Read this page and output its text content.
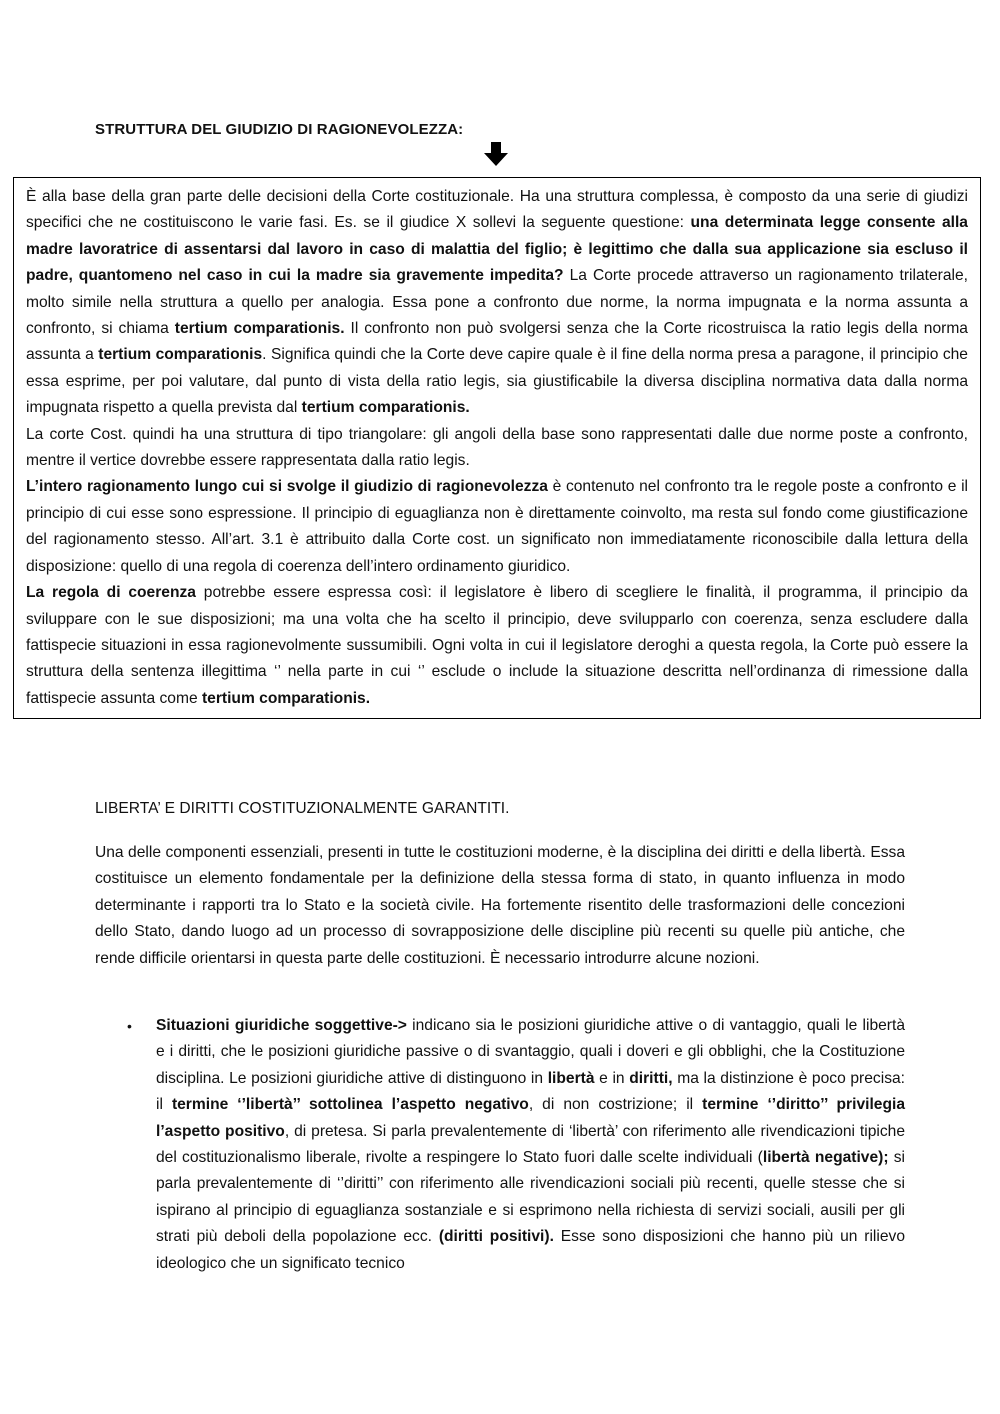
STRUTTURA DEL GIUDIZIO DI RAGIONEVOLEZZA:

È alla base della gran parte delle decisioni della Corte costituzionale. Ha una struttura complessa, è composto da una serie di giudizi specifici che ne costituiscono le varie fasi. Es. se il giudice X sollevi la seguente questione: una determinata legge consente alla madre lavoratrice di assentarsi dal lavoro in caso di malattia del figlio; è legittimo che dalla sua applicazione sia escluso il padre, quantomeno nel caso in cui la madre sia gravemente impedita? La Corte procede attraverso un ragionamento trilaterale, molto simile nella struttura a quello per analogia. Essa pone a confronto due norme, la norma impugnata e la norma assunta a confronto, si chiama tertium comparationis. Il confronto non può svolgersi senza che la Corte ricostruisca la ratio legis della norma assunta a tertium comparationis. Significa quindi che la Corte deve capire quale è il fine della norma presa a paragone, il principio che essa esprime, per poi valutare, dal punto di vista della ratio legis, sia giustificabile la diversa disciplina normativa data dalla norma impugnata rispetto a quella prevista dal tertium comparationis.

La corte Cost. quindi ha una struttura di tipo triangolare: gli angoli della base sono rappresentati dalle due norme poste a confronto, mentre il vertice dovrebbe essere rappresentata dalla ratio legis.

L’intero ragionamento lungo cui si svolge il giudizio di ragionevolezza è contenuto nel confronto tra le regole poste a confronto e il principio di cui esse sono espressione. Il principio di eguaglianza non è direttamente coinvolto, ma resta sul fondo come giustificazione del ragionamento stesso. All’art. 3.1 è attribuito dalla Corte cost. un significato non immediatamente riconoscibile dalla lettura della disposizione: quello di una regola di coerenza dell’intero ordinamento giuridico.

La regola di coerenza potrebbe essere espressa così: il legislatore è libero di scegliere le finalità, il programma, il principio da sviluppare con le sue disposizioni; ma una volta che ha scelto il principio, deve svilupparlo con coerenza, senza escludere dalla fattispecie situazioni in essa ragionevolmente sussumibili. Ogni volta in cui il legislatore deroghi a questa regola, la Corte può essere la struttura della sentenza illegittima ‘’ nella parte in cui ‘’ esclude o include la situazione descritta nell’ordinanza di rimessione dalla fattispecie assunta come tertium comparationis.

LIBERTA’ E DIRITTI COSTITUZIONALMENTE GARANTITI.

Una delle componenti essenziali, presenti in tutte le costituzioni moderne, è la disciplina dei diritti e della libertà. Essa costituisce un elemento fondamentale per la definizione della stessa forma di stato, in quanto influenza in modo determinante i rapporti tra lo Stato e la società civile. Ha fortemente risentito delle trasformazioni delle concezioni dello Stato, dando luogo ad un processo di sovrapposizione delle discipline più recenti su quelle più antiche, che rende difficile orientarsi in questa parte delle costituzioni. È necessario introdurre alcune nozioni.

•	Situazioni giuridiche soggettive-> indicano sia le posizioni giuridiche attive o di vantaggio, quali le libertà e i diritti, che le posizioni giuridiche passive o di svantaggio, quali i doveri e gli obblighi, che la Costituzione disciplina. Le posizioni giuridiche attive di distinguono in libertà e in diritti, ma la distinzione è poco precisa: il termine ‘’libertà’’ sottolinea l’aspetto negativo, di non costrizione; il termine ‘’diritto’’ privilegia l’aspetto positivo, di pretesa. Si parla prevalentemente di ‘libertà’ con riferimento alle rivendicazioni tipiche del costituzionalismo liberale, rivolte a respingere lo Stato fuori dalle scelte individuali (libertà negative); si parla prevalentemente di ‘’diritti’’ con riferimento alle rivendicazioni sociali più recenti, quelle stesse che si ispirano al principio di eguaglianza sostanziale e si esprimono nella richiesta di servizi sociali, ausili per gli strati più deboli della popolazione ecc. (diritti positivi). Esse sono disposizioni che hanno più un rilievo ideologico che un significato tecnico
